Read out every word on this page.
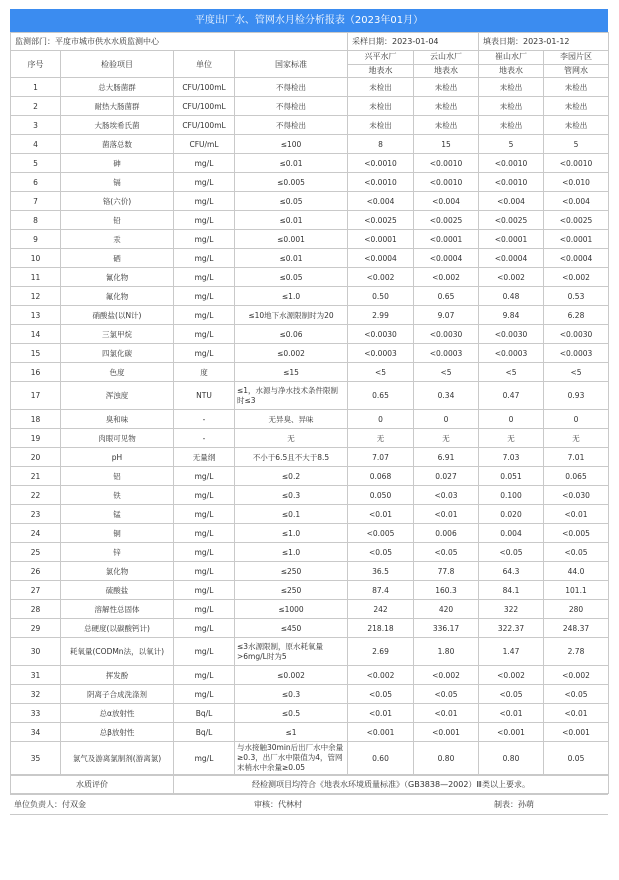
平度出厂水、管网水月检分析报表（2023年01月）
监测部门：平度市城市供水水质监测中心				采样日期：2023-01-04		填表日期：2023-01-12	
序号	检验项目	单位	国家标准	兴平水厂	云山水厂	崔山水厂	李园片区
				地表水	地表水	地表水	管网水
1	总大肠菌群	CFU/100mL	不得检出	未检出	未检出	未检出	未检出
2	耐热大肠菌群	CFU/100mL	不得检出	未检出	未检出	未检出	未检出
3	大肠埃希氏菌	CFU/100mL	不得检出	未检出	未检出	未检出	未检出
4	菌落总数	CFU/mL	≤100	8	15	5	5
5	砷	mg/L	≤0.01	<0.0010	<0.0010	<0.0010	<0.0010
6	镉	mg/L	≤0.005	<0.0010	<0.0010	<0.0010	<0.010
7	铬(六价)	mg/L	≤0.05	<0.004	<0.004	<0.004	<0.004
8	铅	mg/L	≤0.01	<0.0025	<0.0025	<0.0025	<0.0025
9	汞	mg/L	≤0.001	<0.0001	<0.0001	<0.0001	<0.0001
10	硒	mg/L	≤0.01	<0.0004	<0.0004	<0.0004	<0.0004
11	氰化物	mg/L	≤0.05	<0.002	<0.002	<0.002	<0.002
12	氟化物	mg/L	≤1.0	0.50	0.65	0.48	0.53
13	硝酸盐(以N计)	mg/L	≤10地下水源限制时为20	2.99	9.07	9.84	6.28
14	三氯甲烷	mg/L	≤0.06	<0.0030	<0.0030	<0.0030	<0.0030
15	四氯化碳	mg/L	≤0.002	<0.0003	<0.0003	<0.0003	<0.0003
16	色度	度	≤15	<5	<5	<5	<5
17	浑浊度	NTU	≤1，水源与净水技术条件限制时≤3	0.65	0.34	0.47	0.93
18	臭和味	-	无异臭、异味	0	0	0	0
19	肉眼可见物	-	无	无	无	无	无
20	pH	无量纲	不小于6.5且不大于8.5	7.07	6.91	7.03	7.01
21	铝	mg/L	≤0.2	0.068	0.027	0.051	0.065
22	铁	mg/L	≤0.3	0.050	<0.03	0.100	<0.030
23	锰	mg/L	≤0.1	<0.01	<0.01	0.020	<0.01
24	铜	mg/L	≤1.0	<0.005	0.006	0.004	<0.005
25	锌	mg/L	≤1.0	<0.05	<0.05	<0.05	<0.05
26	氯化物	mg/L	≤250	36.5	77.8	64.3	44.0
27	硫酸盐	mg/L	≤250	87.4	160.3	84.1	101.1
28	溶解性总固体	mg/L	≤1000	242	420	322	280
29	总硬度(以碳酸钙计)	mg/L	≤450	218.18	336.17	322.37	248.37
30	耗氧量(CODMn法，以氧计)	mg/L	≤3水源限制，原水耗氧量>6mg/L时为5	2.69	1.80	1.47	2.78
31	挥发酚	mg/L	≤0.002	<0.002	<0.002	<0.002	<0.002
32	阴离子合成洗涤剂	mg/L	≤0.3	<0.05	<0.05	<0.05	<0.05
33	总α放射性	Bq/L	≤0.5	<0.01	<0.01	<0.01	<0.01
34	总β放射性	Bq/L	≤1	<0.001	<0.001	<0.001	<0.001
35	氯气及游离氯制剂(游离氯)	mg/L	与水接触30min后出厂水中余量≥0.3，出厂水中限值为4，管网末梢水中余量≥0.05	0.60	0.80	0.80	0.05
水质评价	经检测项目均符合《地表水环境质量标准》（GB3838—2002）Ⅲ类以上要求。
单位负责人：付双金	审核：代林村	制表：孙萌
